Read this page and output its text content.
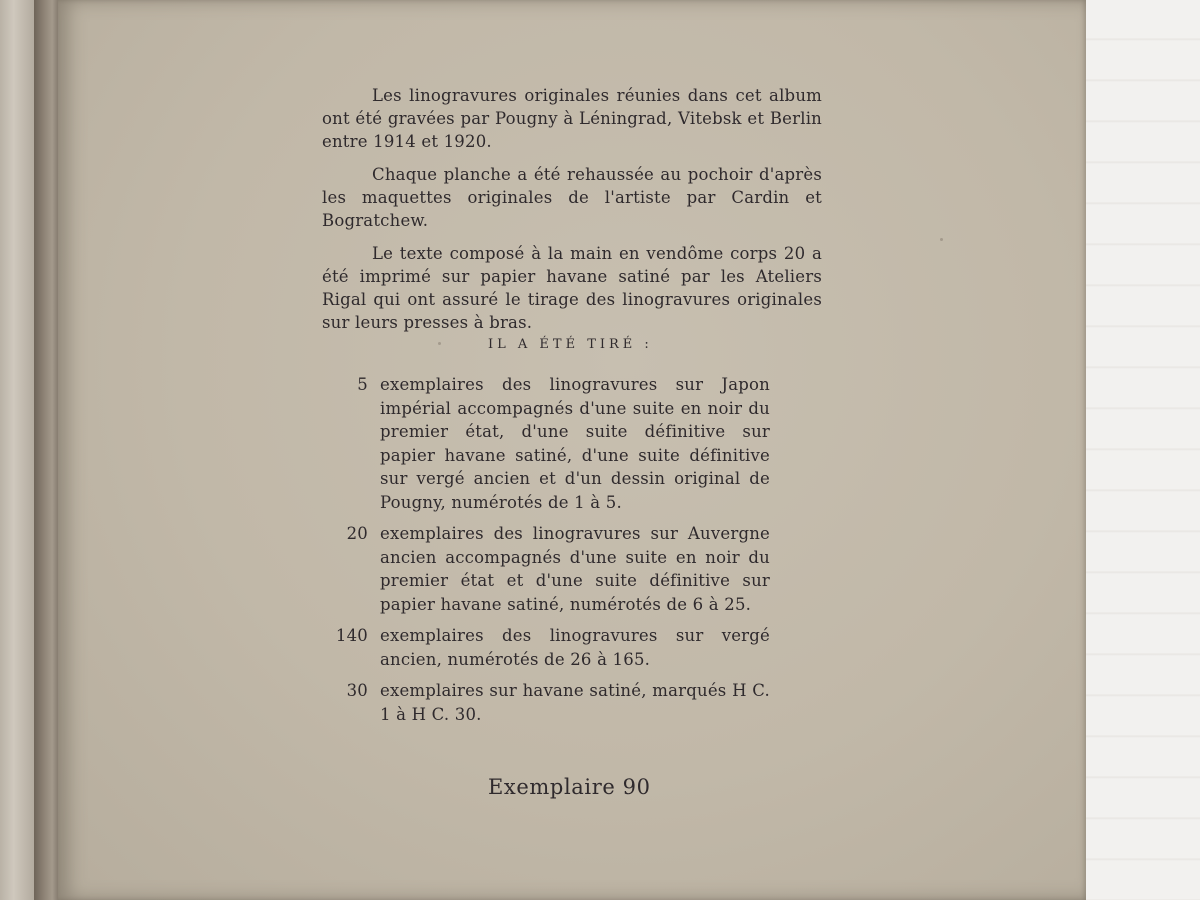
Les linogravures originales réunies dans cet album ont été gravées par Pougny à Léningrad, Vitebsk et Berlin entre 1914 et 1920.

Chaque planche a été rehaussée au pochoir d'après les maquettes originales de l'artiste par Cardin et Bogratchew.

Le texte composé à la main en vendôme corps 20 a été imprimé sur papier havane satiné par les Ateliers Rigal qui ont assuré le tirage des linogravures originales sur leurs presses à bras.

IL A ÉTÉ TIRÉ :
5 exemplaires des linogravures sur Japon impérial accompagnés d'une suite en noir du premier état, d'une suite définitive sur papier havane satiné, d'une suite définitive sur vergé ancien et d'un dessin original de Pougny, numérotés de 1 à 5.
20 exemplaires des linogravures sur Auvergne ancien accompagnés d'une suite en noir du premier état et d'une suite définitive sur papier havane satiné, numérotés de 6 à 25.
140 exemplaires des linogravures sur vergé ancien, numérotés de 26 à 165.
30 exemplaires sur havane satiné, marqués H C. 1 à H C. 30.
Exemplaire 90
